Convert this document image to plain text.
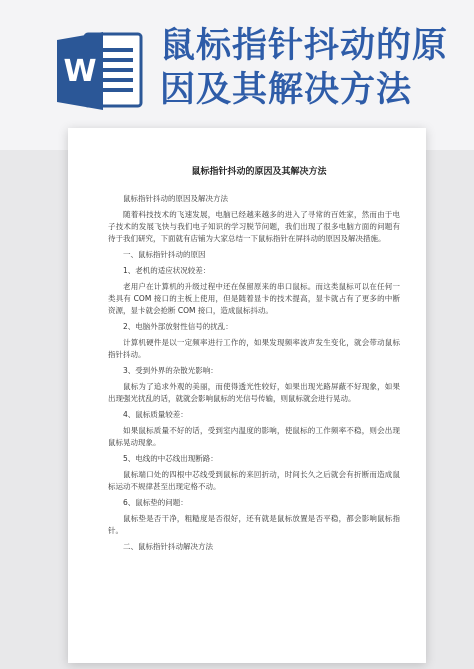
W
鼠标指针抖动的原
因及其解决方法
鼠标指针抖动的原因及其解决方法

鼠标指针抖动的原因及解决方法

随着科技技术的飞速发展，电脑已经越来越多的进入了寻常的百姓家，然而由于电子技术的发展飞快与我们电子知识的学习脱节问题，我们出现了很多电脑方面的问题有待于我们研究，下面就有店铺为大家总结一下鼠标指针在屏抖动的原因及解决措施。

一、鼠标指针抖动的原因

1、老机的适应状况较差：

老用户在计算机的升级过程中还在保留原来的串口鼠标。而这类鼠标可以在任何一类具有 COM 接口的主板上使用，但是随着显卡的技术提高，显卡就占有了更多的中断资源，显卡就会抢断 COM 接口，造成鼠标抖动。

2、电脑外部放射性信号的扰乱：

计算机硬件是以一定频率进行工作的，如果发现频率波声发生变化，就会带动鼠标指针抖动。

3、受到外界的杂散光影响：

鼠标为了追求外观的美丽，而使得透光性较好，如果出现光路屏蔽不好现象，如果出现强光扰乱的话，就就会影响鼠标的光信号传输，则鼠标就会进行晃动。

4、鼠标质量较差：

如果鼠标质量不好的话，受到室内温度的影响，使鼠标的工作频率不稳，则会出现鼠标晃动现象。

5、电线的中芯线出现断路：

鼠标端口处的四根中芯线受到鼠标的来回折动，时间长久之后就会有折断而造成鼠标运动不规律甚至出现定格不动。

6、鼠标垫的问题：

鼠标垫是否干净，粗糙度是否很好，还有就是鼠标放置是否平稳，都会影响鼠标指针。

二、鼠标指针抖动解决方法
